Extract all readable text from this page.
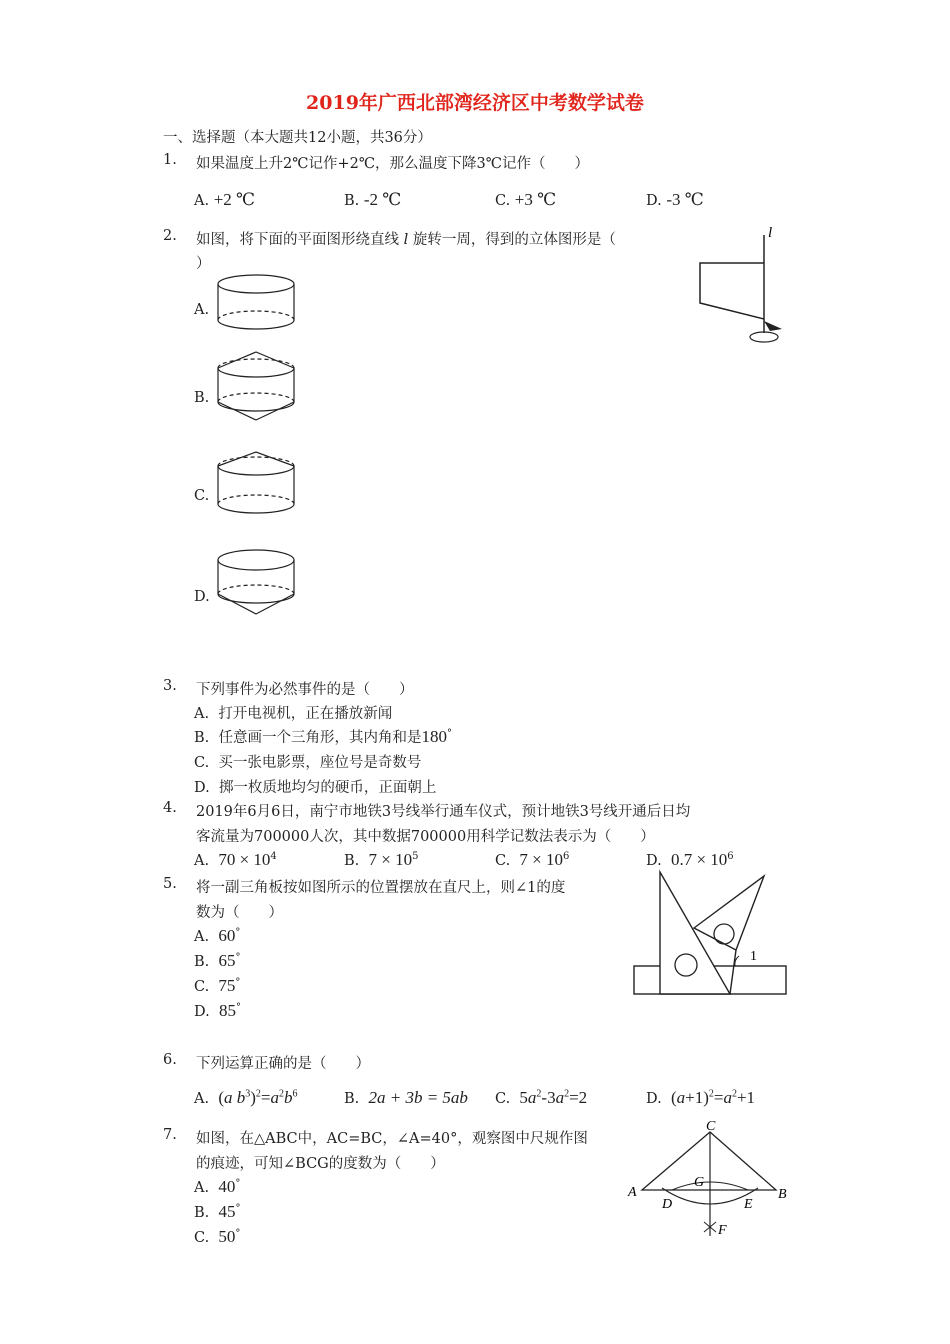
2019年广西北部湾经济区中考数学试卷
一、选择题（本大题共12小题，共36分）
1. 如果温度上升2℃记作+2℃，那么温度下降3℃记作（　　）
A. +2 ℃	B. -2 ℃	C. +3 ℃	D. -3 ℃
2. 如图，将下面的平面图形绕直线 l 旋转一周，得到的立体图形是（
）
l
A.
B.
C.
D.
3. 下列事件为必然事件的是（　　）
A. 打开电视机，正在播放新闻
B. 任意画一个三角形，其内角和是180°
C. 买一张电影票，座位号是奇数号
D. 掷一枚质地均匀的硬币，正面朝上
4. 2019年6月6日，南宁市地铁3号线举行通车仪式，预计地铁3号线开通后日均
客流量为700000人次，其中数据700000用科学记数法表示为（　　）
A. $70 \times 10^4$	B. $7 \times 10^5$	C. $7 \times 10^6$	D. $0.7 \times 10^6$
5. 将一副三角板按如图所示的位置摆放在直尺上，则∠1的度
数为（　　）
A. 60°
B. 65°
C. 75°
D. 85°
1
6. 下列运算正确的是（　　）
A. (a $b^3)^2=a^2b^6$	B. 2a + 3b = 5ab C. $5a^2-3a^2=2$	D. $(a+1)^2=a^2+1$
7. 如图，在△ABC中，AC=BC，∠A=40°，观察图中尺规作图
的痕迹，可知∠BCG的度数为（　　）
A. 40°
B. 45°
C. 50°
C
G
A	B
D	E
F
